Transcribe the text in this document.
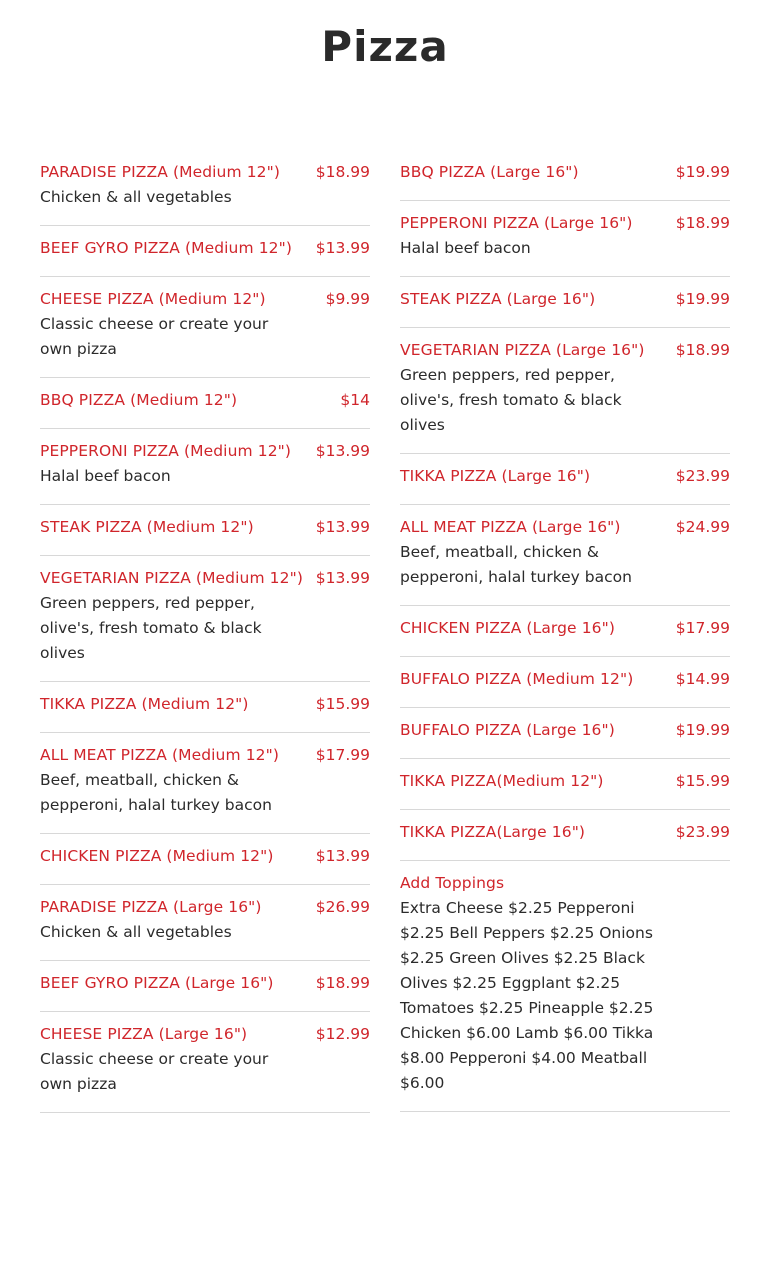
Pizza
PARADISE PIZZA (Medium 12") $18.99
Chicken & all vegetables
BEEF GYRO PIZZA (Medium 12") $13.99
CHEESE PIZZA (Medium 12")	$9.99
Classic cheese or create your own pizza
BBQ PIZZA (Medium 12")	$14
PEPPERONI PIZZA (Medium 12") $13.99
Halal beef bacon
STEAK PIZZA (Medium 12")	$13.99
VEGETARIAN PIZZA (Medium 12") $13.99
Green peppers, red pepper, olive's, fresh tomato & black olives
TIKKA PIZZA (Medium 12")	$15.99
ALL MEAT PIZZA (Medium 12") $17.99
Beef, meatball, chicken & pepperoni, halal turkey bacon
CHICKEN PIZZA (Medium 12")	$13.99
PARADISE PIZZA (Large 16")	$26.99
Chicken & all vegetables
BEEF GYRO PIZZA (Large 16")	$18.99
CHEESE PIZZA (Large 16")	$12.99
Classic cheese or create your own pizza
BBQ PIZZA (Large 16")	$19.99
PEPPERONI PIZZA (Large 16")	$18.99
Halal beef bacon
STEAK PIZZA (Large 16")	$19.99
VEGETARIAN PIZZA (Large 16") $18.99
Green peppers, red pepper, olive's, fresh tomato & black olives
TIKKA PIZZA (Large 16")	$23.99
ALL MEAT PIZZA (Large 16")	$24.99
Beef, meatball, chicken & pepperoni, halal turkey bacon
CHICKEN PIZZA (Large 16")	$17.99
BUFFALO PIZZA (Medium 12")	$14.99
BUFFALO PIZZA (Large 16")	$19.99
TIKKA PIZZA(Medium 12")	$15.99
TIKKA PIZZA(Large 16")	$23.99
Add Toppings
Extra Cheese $2.25 Pepperoni $2.25 Bell Peppers $2.25 Onions $2.25 Green Olives $2.25 Black Olives $2.25 Eggplant $2.25 Tomatoes $2.25 Pineapple $2.25 Chicken $6.00 Lamb $6.00 Tikka $8.00 Pepperoni $4.00 Meatball $6.00
